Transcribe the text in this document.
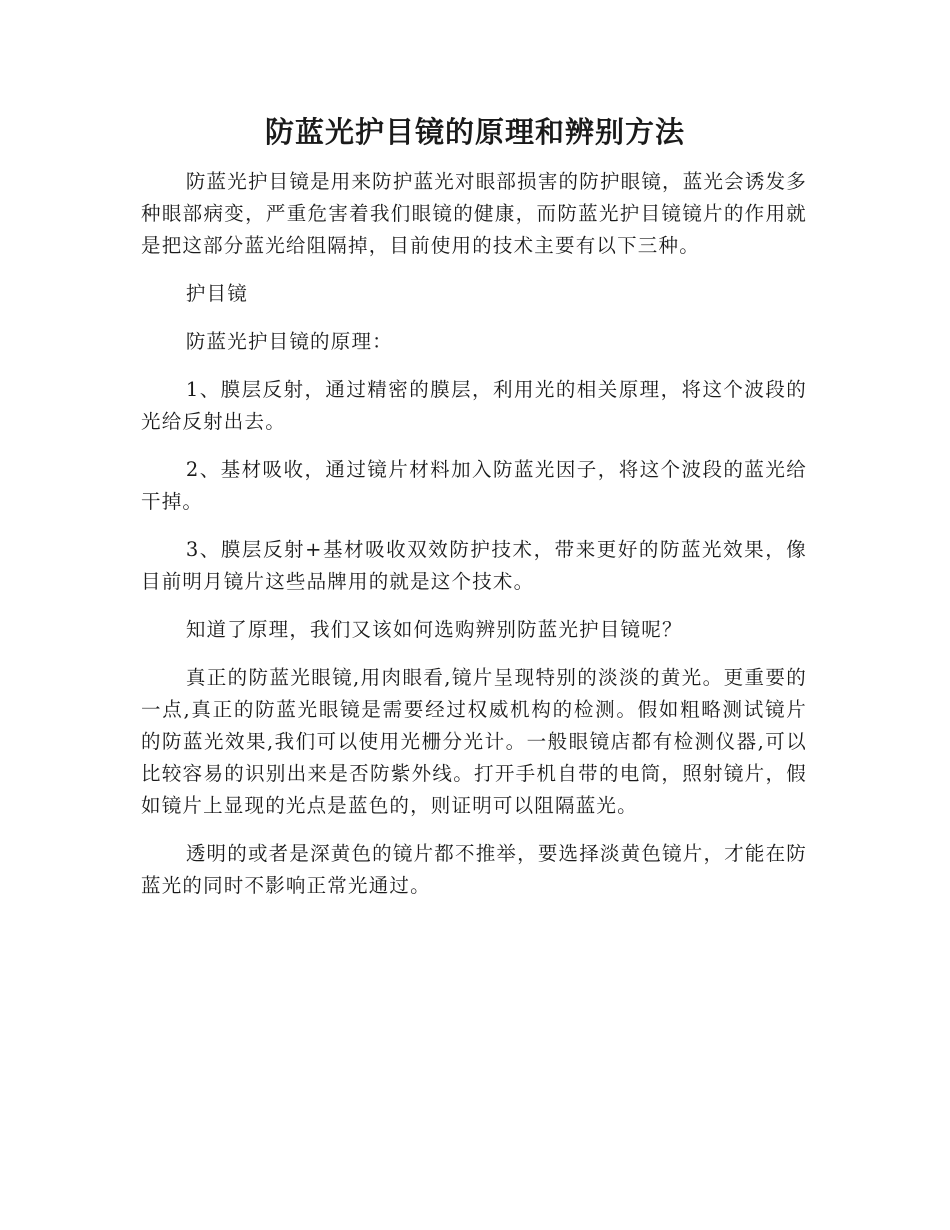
防蓝光护目镜的原理和辨别方法

防蓝光护目镜是用来防护蓝光对眼部损害的防护眼镜，蓝光会诱发多种眼部病变，严重危害着我们眼镜的健康，而防蓝光护目镜镜片的作用就是把这部分蓝光给阻隔掉，目前使用的技术主要有以下三种。

护目镜

防蓝光护目镜的原理：

1、膜层反射，通过精密的膜层，利用光的相关原理，将这个波段的光给反射出去。

2、基材吸收，通过镜片材料加入防蓝光因子，将这个波段的蓝光给干掉。

3、膜层反射+基材吸收双效防护技术，带来更好的防蓝光效果，像目前明月镜片这些品牌用的就是这个技术。

知道了原理，我们又该如何选购辨别防蓝光护目镜呢？

真正的防蓝光眼镜,用肉眼看,镜片呈现特别的淡淡的黄光。更重要的一点,真正的防蓝光眼镜是需要经过权威机构的检测。假如粗略测试镜片的防蓝光效果,我们可以使用光栅分光计。一般眼镜店都有检测仪器,可以比较容易的识别出来是否防紫外线。打开手机自带的电筒，照射镜片，假如镜片上显现的光点是蓝色的，则证明可以阻隔蓝光。

透明的或者是深黄色的镜片都不推举，要选择淡黄色镜片，才能在防蓝光的同时不影响正常光通过。
